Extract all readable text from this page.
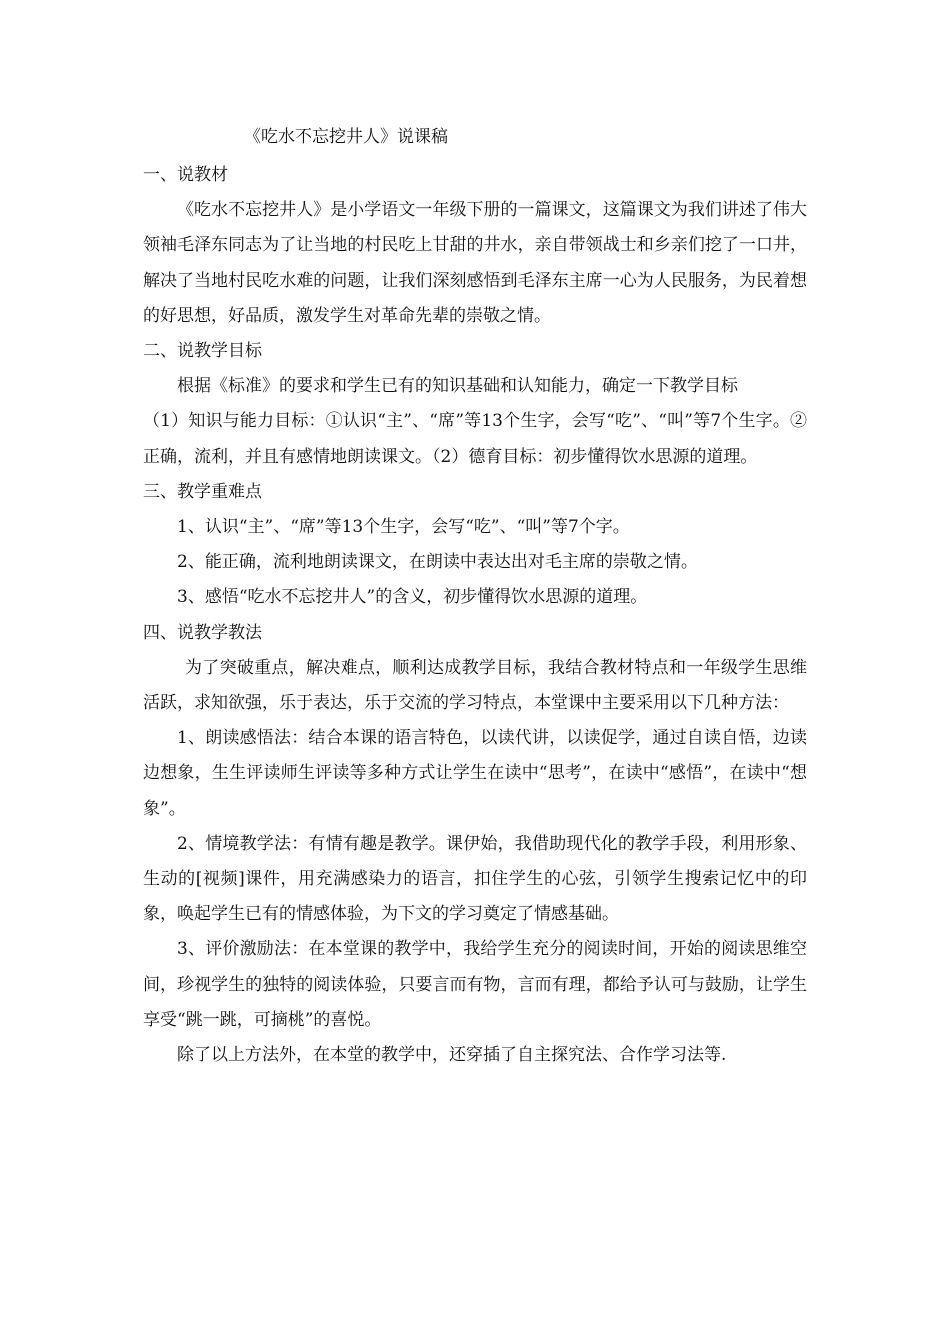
《吃水不忘挖井人》说课稿

一、说教材

《吃水不忘挖井人》是小学语文一年级下册的一篇课文，这篇课文为我们讲述了伟大领袖毛泽东同志为了让当地的村民吃上甘甜的井水，亲自带领战士和乡亲们挖了一口井，解决了当地村民吃水难的问题，让我们深刻感悟到毛泽东主席一心为人民服务，为民着想的好思想，好品质，激发学生对革命先辈的崇敬之情。

二、说教学目标

根据《标准》的要求和学生已有的知识基础和认知能力，确定一下教学目标

（1）知识与能力目标：①认识“主”、“席”等13个生字，会写“吃”、“叫”等7个生字。②正确，流利，并且有感情地朗读课文。（2）德育目标：初步懂得饮水思源的道理。

三、教学重难点

1、认识“主”、“席”等13个生字，会写“吃”、“叫”等7个字。

2、能正确，流利地朗读课文，在朗读中表达出对毛主席的崇敬之情。

3、感悟“吃水不忘挖井人”的含义，初步懂得饮水思源的道理。

四、说教学教法

为了突破重点，解决难点，顺利达成教学目标，我结合教材特点和一年级学生思维活跃，求知欲强，乐于表达，乐于交流的学习特点，本堂课中主要采用以下几种方法：

1、朗读感悟法：结合本课的语言特色，以读代讲，以读促学，通过自读自悟，边读边想象，生生评读师生评读等多种方式让学生在读中“思考”，在读中“感悟”，在读中“想象”。

2、情境教学法：有情有趣是教学。课伊始，我借助现代化的教学手段，利用形象、生动的[视频]课件，用充满感染力的语言，扣住学生的心弦，引领学生搜索记忆中的印象，唤起学生已有的情感体验，为下文的学习奠定了情感基础。

3、评价激励法：在本堂课的教学中，我给学生充分的阅读时间，开始的阅读思维空间，珍视学生的独特的阅读体验，只要言而有物，言而有理，都给予认可与鼓励，让学生享受“跳一跳，可摘桃”的喜悦。

除了以上方法外，在本堂的教学中，还穿插了自主探究法、合作学习法等.
